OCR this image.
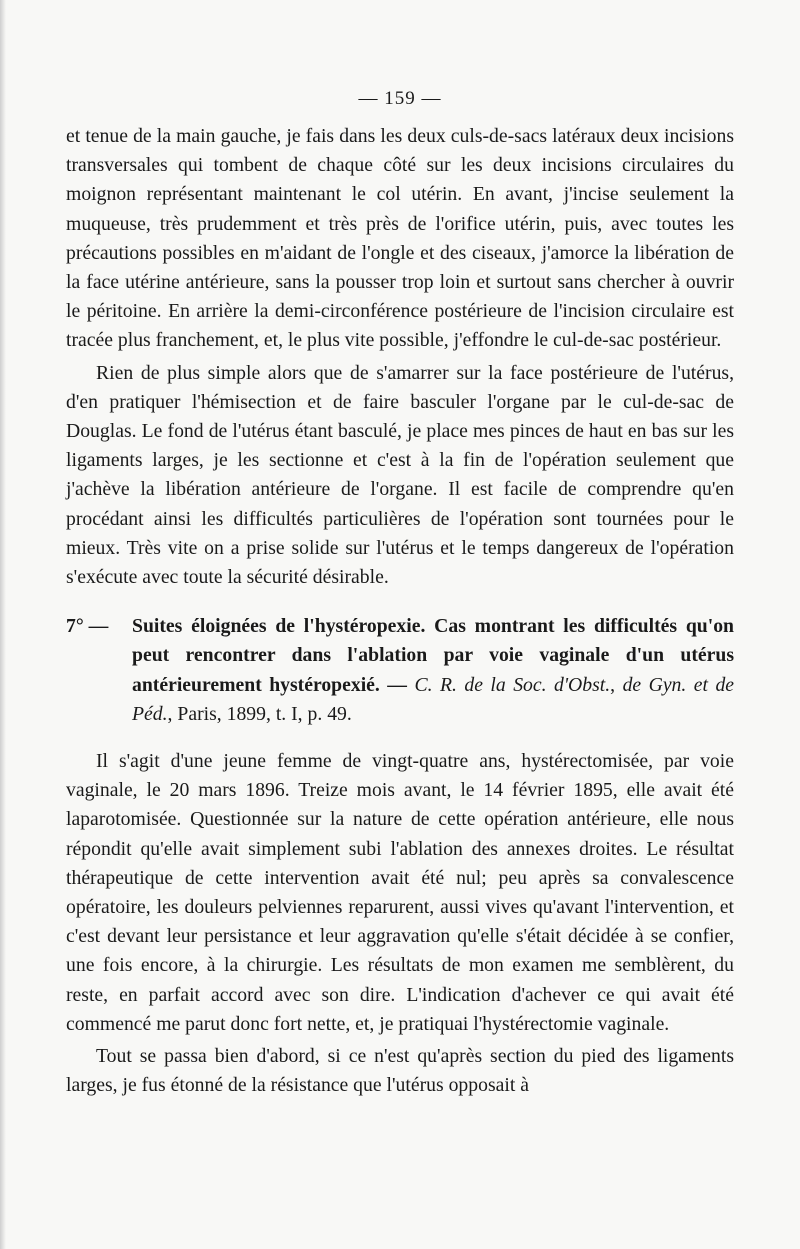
— 159 —

et tenue de la main gauche, je fais dans les deux culs-de-sacs latéraux deux incisions transversales qui tombent de chaque côté sur les deux incisions circulaires du moignon représentant maintenant le col utérin. En avant, j'incise seulement la muqueuse, très prudemment et très près de l'orifice utérin, puis, avec toutes les précautions possibles en m'aidant de l'ongle et des ciseaux, j'amorce la libération de la face utérine antérieure, sans la pousser trop loin et surtout sans chercher à ouvrir le péritoine. En arrière la demi-circonférence postérieure de l'incision circulaire est tracée plus franchement, et, le plus vite possible, j'effondre le cul-de-sac postérieur.

Rien de plus simple alors que de s'amarrer sur la face postérieure de l'utérus, d'en pratiquer l'hémisection et de faire basculer l'organe par le cul-de-sac de Douglas. Le fond de l'utérus étant basculé, je place mes pinces de haut en bas sur les ligaments larges, je les sectionne et c'est à la fin de l'opération seulement que j'achève la libération antérieure de l'organe. Il est facile de comprendre qu'en procédant ainsi les difficultés particulières de l'opération sont tournées pour le mieux. Très vite on a prise solide sur l'utérus et le temps dangereux de l'opération s'exécute avec toute la sécurité désirable.

7° — Suites éloignées de l'hystéropexie. Cas montrant les difficultés qu'on peut rencontrer dans l'ablation par voie vaginale d'un utérus antérieurement hystéropexié. — C. R. de la Soc. d'Obst., de Gyn. et de Péd., Paris, 1899, t. I, p. 49.

Il s'agit d'une jeune femme de vingt-quatre ans, hystérectomisée, par voie vaginale, le 20 mars 1896. Treize mois avant, le 14 février 1895, elle avait été laparotomisée. Questionnée sur la nature de cette opération antérieure, elle nous répondit qu'elle avait simplement subi l'ablation des annexes droites. Le résultat thérapeutique de cette intervention avait été nul; peu après sa convalescence opératoire, les douleurs pelviennes reparurent, aussi vives qu'avant l'intervention, et c'est devant leur persistance et leur aggravation qu'elle s'était décidée à se confier, une fois encore, à la chirurgie. Les résultats de mon examen me semblèrent, du reste, en parfait accord avec son dire. L'indication d'achever ce qui avait été commencé me parut donc fort nette, et, je pratiquai l'hystérectomie vaginale.

Tout se passa bien d'abord, si ce n'est qu'après section du pied des ligaments larges, je fus étonné de la résistance que l'utérus opposait à
